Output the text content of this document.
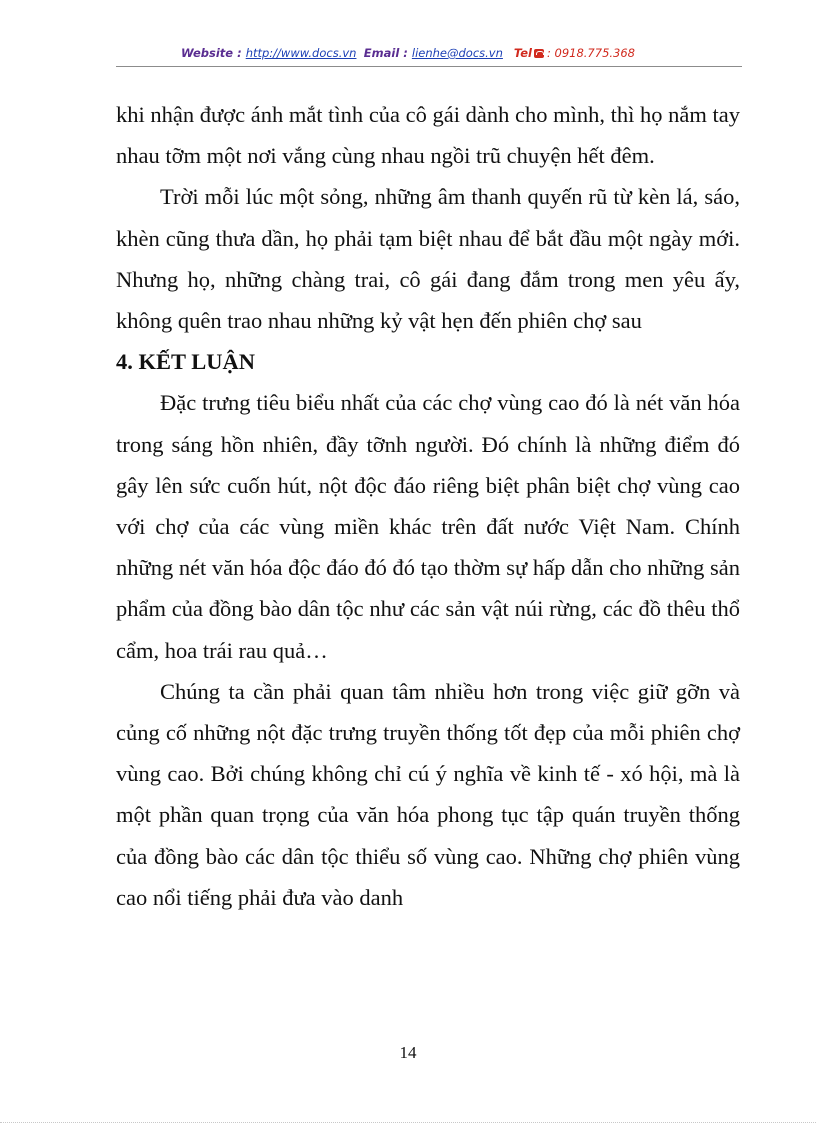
Website : http://www.docs.vn Email : lienhe@docs.vn Tel : 0918.775.368

khi nhận được ánh mắt tình của cô gái dành cho mình, thì họ nắm tay nhau tỡm một nơi vắng cùng nhau ngồi trũ chuyện hết đêm.

Trời mỗi lúc một sỏng, những âm thanh quyến rũ từ kèn lá, sáo, khèn cũng thưa dần, họ phải tạm biệt nhau để bắt đầu một ngày mới. Nhưng họ, những chàng trai, cô gái đang đắm trong men yêu ấy, không quên trao nhau những kỷ vật hẹn đến phiên chợ sau

4. KẾT LUẬN

Đặc trưng tiêu biểu nhất của các chợ vùng cao đó là nét văn hóa trong sáng hồn nhiên, đầy tỡnh người. Đó chính là những điểm đó gây lên sức cuốn hút, nột độc đáo riêng biệt phân biệt chợ vùng cao với chợ của các vùng miền khác trên đất nước Việt Nam. Chính những nét văn hóa độc đáo đó đó tạo thờm sự hấp dẫn cho những sản phẩm của đồng bào dân tộc như các sản vật núi rừng, các đồ thêu thổ cẩm, hoa trái rau quả…

Chúng ta cần phải quan tâm nhiều hơn trong việc giữ gỡn và củng cố những nột đặc trưng truyền thống tốt đẹp của mỗi phiên chợ vùng cao. Bởi chúng không chỉ cú ý nghĩa về kinh tế - xó hội, mà là một phần quan trọng của văn hóa phong tục tập quán truyền thống của đồng bào các dân tộc thiểu số vùng cao. Những chợ phiên vùng cao nổi tiếng phải đưa vào danh

14
